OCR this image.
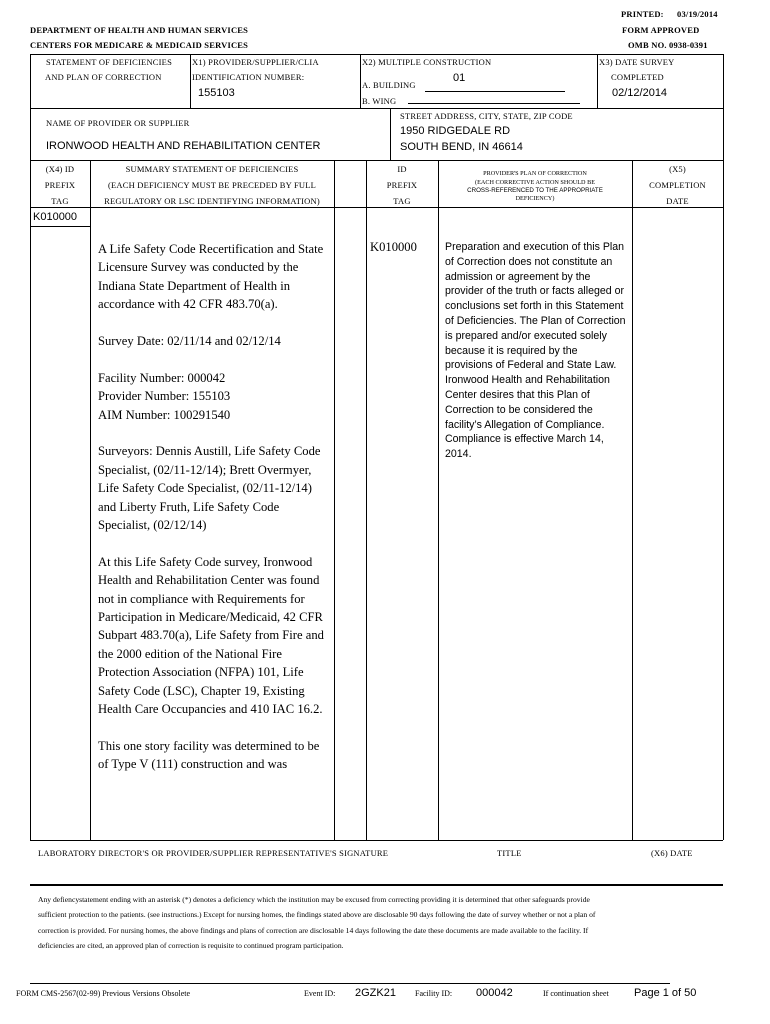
PRINTED: 03/19/2014
DEPARTMENT OF HEALTH AND HUMAN SERVICES	FORM APPROVED
CENTERS FOR MEDICARE & MEDICAID SERVICES	OMB NO. 0938-0391
STATEMENT OF DEFICIENCIES
AND PLAN OF CORRECTION
X1) PROVIDER/SUPPLIER/CLIA
IDENTIFICATION NUMBER:
155103
X2) MULTIPLE CONSTRUCTION
A. BUILDING
01
B. WING
X3) DATE SURVEY
COMPLETED
02/12/2014
NAME OF PROVIDER OR SUPPLIER
IRONWOOD HEALTH AND REHABILITATION CENTER
STREET ADDRESS, CITY, STATE, ZIP CODE
1950 RIDGEDALE RD
SOUTH BEND, IN 46614
(X4) ID
PREFIX
TAG
SUMMARY STATEMENT OF DEFICIENCIES
(EACH DEFICIENCY MUST BE PRECEDED BY FULL
REGULATORY OR LSC IDENTIFYING INFORMATION)
ID
PREFIX
TAG
PROVIDER'S PLAN OF CORRECTION
(EACH CORRECTIVE ACTION SHOULD BE
CROSS-REFERENCED TO THE APPROPRIATE
DEFICIENCY)
(X5)
COMPLETION
DATE
K010000
K010000

A Life Safety Code Recertification and State Licensure Survey was conducted by the Indiana State Department of Health in accordance with 42 CFR 483.70(a).

Survey Date: 02/11/14 and 02/12/14

Facility Number: 000042
Provider Number: 155103
AIM Number: 100291540

Surveyors: Dennis Austill, Life Safety Code Specialist, (02/11-12/14); Brett Overmyer, Life Safety Code Specialist, (02/11-12/14) and Liberty Fruth, Life Safety Code Specialist, (02/12/14)

At this Life Safety Code survey, Ironwood Health and Rehabilitation Center was found not in compliance with Requirements for Participation in Medicare/Medicaid, 42 CFR Subpart 483.70(a), Life Safety from Fire and the 2000 edition of the National Fire Protection Association (NFPA) 101, Life Safety Code (LSC), Chapter 19, Existing Health Care Occupancies and 410 IAC 16.2.

This one story facility was determined to be of Type V (111) construction and was

Preparation and execution of this Plan of Correction does not constitute an admission or agreement by the provider of the truth or facts alleged or conclusions set forth in this Statement of Deficiencies. The Plan of Correction is prepared and/or executed solely because it is required by the provisions of Federal and State Law. Ironwood Health and Rehabilitation Center desires that this Plan of Correction to be considered the facility’s Allegation of Compliance. Compliance is effective March 14, 2014.
LABORATORY DIRECTOR'S OR PROVIDER/SUPPLIER REPRESENTATIVE'S SIGNATURE	TITLE	(X6) DATE
Any defiencystatement ending with an asterisk (*) denotes a deficiency which the institution may be excused from correcting providing it is determined that other safeguards provide sufficient protection to the patients. (see instructions.) Except for nursing homes, the findings stated above are disclosable 90 days following the date of survey whether or not a plan of correction is provided. For nursing homes, the above findings and plans of correction are disclosable 14 days following the date these documents are made available to the facility. If deficiencies are cited, an approved plan of correction is requisite to continued program participation.
FORM CMS-2567(02-99) Previous Versions Obsolete	Event ID: 2GZK21 Facility ID: 000042	If continuation sheet Page 1 of 50
